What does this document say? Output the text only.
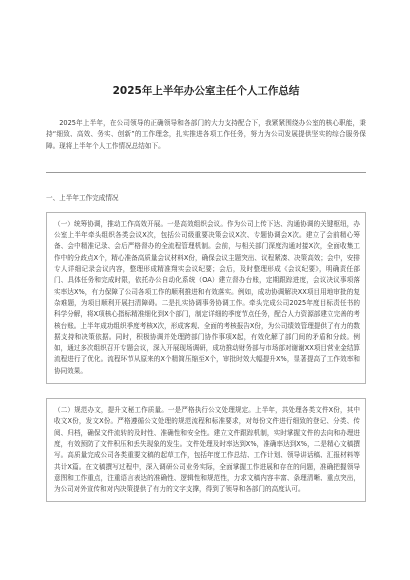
2025年上半年办公室主任个人工作总结

2025年上半年，在公司领导的正确领导和各部门的大力支持配合下，我紧紧围绕办公室的核心职能，秉持“细致、高效、务实、创新”的工作理念，扎实推进各项工作任务，努力为公司发展提供坚实的综合服务保障。现将上半年个人工作情况总结如下。

一、上半年工作完成情况

（一）统筹协调，推动工作高效开展。一是高效组织会议。作为公司上传下达、沟通协调的关键枢纽，办公室上半年牵头组织各类会议X次，包括公司级重要决策会议X次、专题协调会X次。建立了会前精心筹备、会中精准记录、会后严格督办的全流程管理机制。会前，与相关部门深度沟通对接X次，全面收集工作中的分歧点X个，精心准备高质量会议材料X份，确保会议主题突出、议程紧凑、决策高效；会中，安排专人详细记录会议内容，整理形成精准翔实会议纪要；会后，及时整理形成《会议纪要》，明确责任部门、具体任务和完成时限，依托办公自动化系统（OA）建立督办台账，定期跟踪进度，会议决议事项落实率达X%，有力保障了公司各项工作的顺利推进和有效落实。例如，成功协调解决XX项目用地审批的复杂难题，为项目顺利开展扫清障碍。二是扎实协调事务协调工作。牵头完成公司2025年度目标责任书的科学分解，将X项核心指标精准细化到X个部门，制定详细的季度节点任务，配合人力资源部建立完善的考核台账。上半年成功组织季度考核X次，形成客观、全面的考核报告X份，为公司绩效管理提供了有力的数据支持和决策依据。同时，积极协调并处理跨部门协作事项X起，有效化解了部门间的矛盾和分歧。例如，通过多次组织召开专题会议，深入开展现场调研，成功推动财务部与市场部对谢谢XX项目营业金结算流程进行了优化。流程环节从原来的X个精简压缩至X个，审批时效大幅提升X%，显著提高了工作效率和协同效果。

（二）规范办文，提升文秘工作质量。一是严格执行公文处理规定。上半年，共处理各类文件X份，其中收文X份，发文X份。严格遵循公文处理的规范流程和标准要求，对每份文件进行细致的登记、分类、传阅、归档，确保文件流转的及时性、准确性和安全性。建立文件跟踪机制，实时掌握文件的去向和办理进度，有效预防了文件积压和丢失现象的发生。文件处理及时率达到X%，准确率达到X%，二是精心文稿撰写。高质量完成公司各类重要文稿的起草工作，包括年度工作总结、工作计划、领导讲话稿、汇报材料等共计X篇。在文稿撰写过程中，深入调研公司业务实际，全面掌握工作进展和存在的问题，准确把握领导意图和工作重点，注重语言表达的准确性、逻辑性和规范性，力求文稿内容丰富、条理清晰、重点突出，为公司对外宣传和对内决策提供了有力的文字支撑，得到了领导和各部门的高度认可。
